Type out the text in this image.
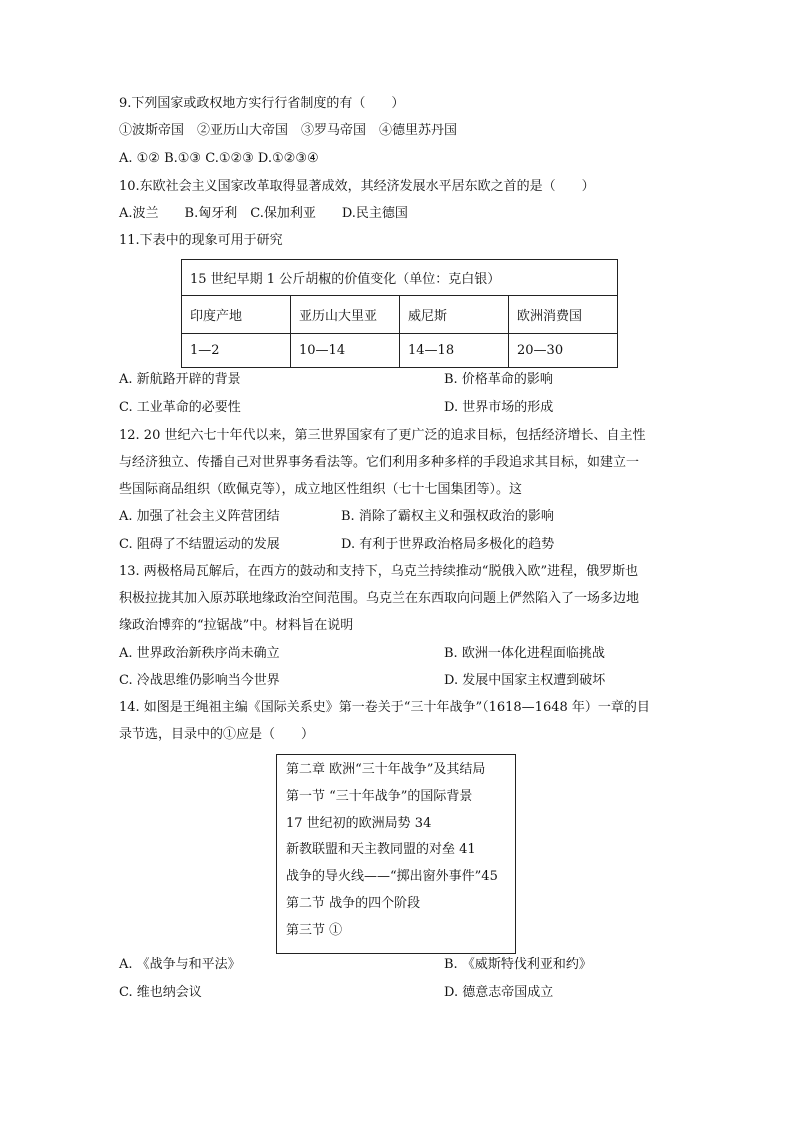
9.下列国家或政权地方实行行省制度的有（　　）
①波斯帝国　②亚历山大帝国　③罗马帝国　④德里苏丹国
A. ①② B.①③ C.①②③ D.①②③④
10.东欧社会主义国家改革取得显著成效，其经济发展水平居东欧之首的是（　　）
A.波兰　　B.匈牙利　C.保加利亚　　D.民主德国
11.下表中的现象可用于研究
15 世纪早期 1 公斤胡椒的价值变化（单位：克白银）			
印度产地	亚历山大里亚	威尼斯	欧洲消费国
1—2	10—14	14—18	20—30
A. 新航路开辟的背景	B. 价格革命的影响
C. 工业革命的必要性	D. 世界市场的形成
12. 20 世纪六七十年代以来，第三世界国家有了更广泛的追求目标，包括经济增长、自主性
与经济独立、传播自己对世界事务看法等。它们利用多种多样的手段追求其目标，如建立一
些国际商品组织（欧佩克等），成立地区性组织（七十七国集团等）。这
A. 加强了社会主义阵营团结	B. 消除了霸权主义和强权政治的影响
C. 阻碍了不结盟运动的发展	D. 有利于世界政治格局多极化的趋势
13. 两极格局瓦解后，在西方的鼓动和支持下，乌克兰持续推动“脱俄入欧”进程，俄罗斯也
积极拉拢其加入原苏联地缘政治空间范围。乌克兰在东西取向问题上俨然陷入了一场多边地
缘政治博弈的“拉锯战”中。材料旨在说明
A. 世界政治新秩序尚未确立	B. 欧洲一体化进程面临挑战
C. 冷战思维仍影响当今世界	D. 发展中国家主权遭到破坏
14. 如图是王绳祖主编《国际关系史》第一卷关于“三十年战争”（1618—1648 年）一章的目
录节选，目录中的①应是（　　）
第二章 欧洲“三十年战争”及其结局
第一节 “三十年战争”的国际背景
17 世纪初的欧洲局势 34
新教联盟和天主教同盟的对垒 41
战争的导火线——“掷出窗外事件”45
第二节 战争的四个阶段
第三节 ①
A. 《战争与和平法》	B. 《威斯特伐利亚和约》
C. 维也纳会议	D. 德意志帝国成立
